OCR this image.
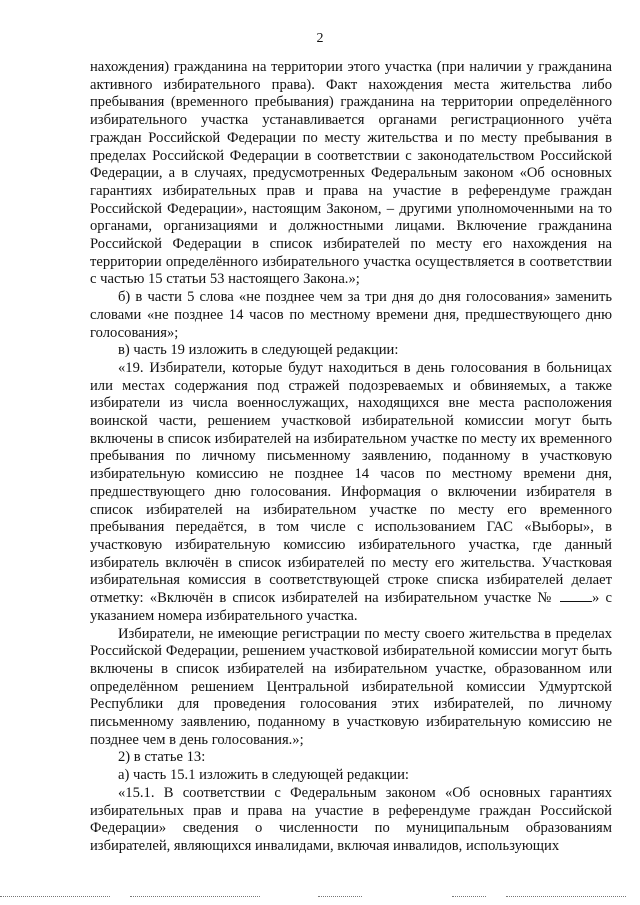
2

нахождения) гражданина на территории этого участка (при наличии у гражданина активного избирательного права). Факт нахождения места жительства либо пребывания (временного пребывания) гражданина на территории определённого избирательного участка устанавливается органами регистрационного учёта граждан Российской Федерации по месту жительства и по месту пребывания в пределах Российской Федерации в соответствии с законодательством Российской Федерации, а в случаях, предусмотренных Федеральным законом «Об основных гарантиях избирательных прав и права на участие в референдуме граждан Российской Федерации», настоящим Законом, – другими уполномоченными на то органами, организациями и должностными лицами. Включение гражданина Российской Федерации в список избирателей по месту его нахождения на территории определённого избирательного участка осуществляется в соответствии с частью 15 статьи 53 настоящего Закона.»;

б) в части 5 слова «не позднее чем за три дня до дня голосования» заменить словами «не позднее 14 часов по местному времени дня, предшествующего дню голосования»;

в) часть 19 изложить в следующей редакции:

«19. Избиратели, которые будут находиться в день голосования в больницах или местах содержания под стражей подозреваемых и обвиняемых, а также избиратели из числа военнослужащих, находящихся вне места расположения воинской части, решением участковой избирательной комиссии могут быть включены в список избирателей на избирательном участке по месту их временного пребывания по личному письменному заявлению, поданному в участковую избирательную комиссию не позднее 14 часов по местному времени дня, предшествующего дню голосования. Информация о включении избирателя в список избирателей на избирательном участке по месту его временного пребывания передаётся, в том числе с использованием ГАС «Выборы», в участковую избирательную комиссию избирательного участка, где данный избиратель включён в список избирателей по месту его жительства. Участковая избирательная комиссия в соответствующей строке списка избирателей делает отметку: «Включён в список избирателей на избирательном участке №	» с указанием номера избирательного участка.

Избиратели, не имеющие регистрации по месту своего жительства в пределах Российской Федерации, решением участковой избирательной комиссии могут быть включены в список избирателей на избирательном участке, образованном или определённом решением Центральной избирательной комиссии Удмуртской Республики для проведения голосования этих избирателей, по личному письменному заявлению, поданному в участковую избирательную комиссию не позднее чем в день голосования.»;

2) в статье 13:

а) часть 15.1 изложить в следующей редакции:

«15.1. В соответствии с Федеральным законом «Об основных гарантиях избирательных прав и права на участие в референдуме граждан Российской Федерации» сведения о численности по муниципальным образованиям избирателей, являющихся инвалидами, включая инвалидов, использующих
